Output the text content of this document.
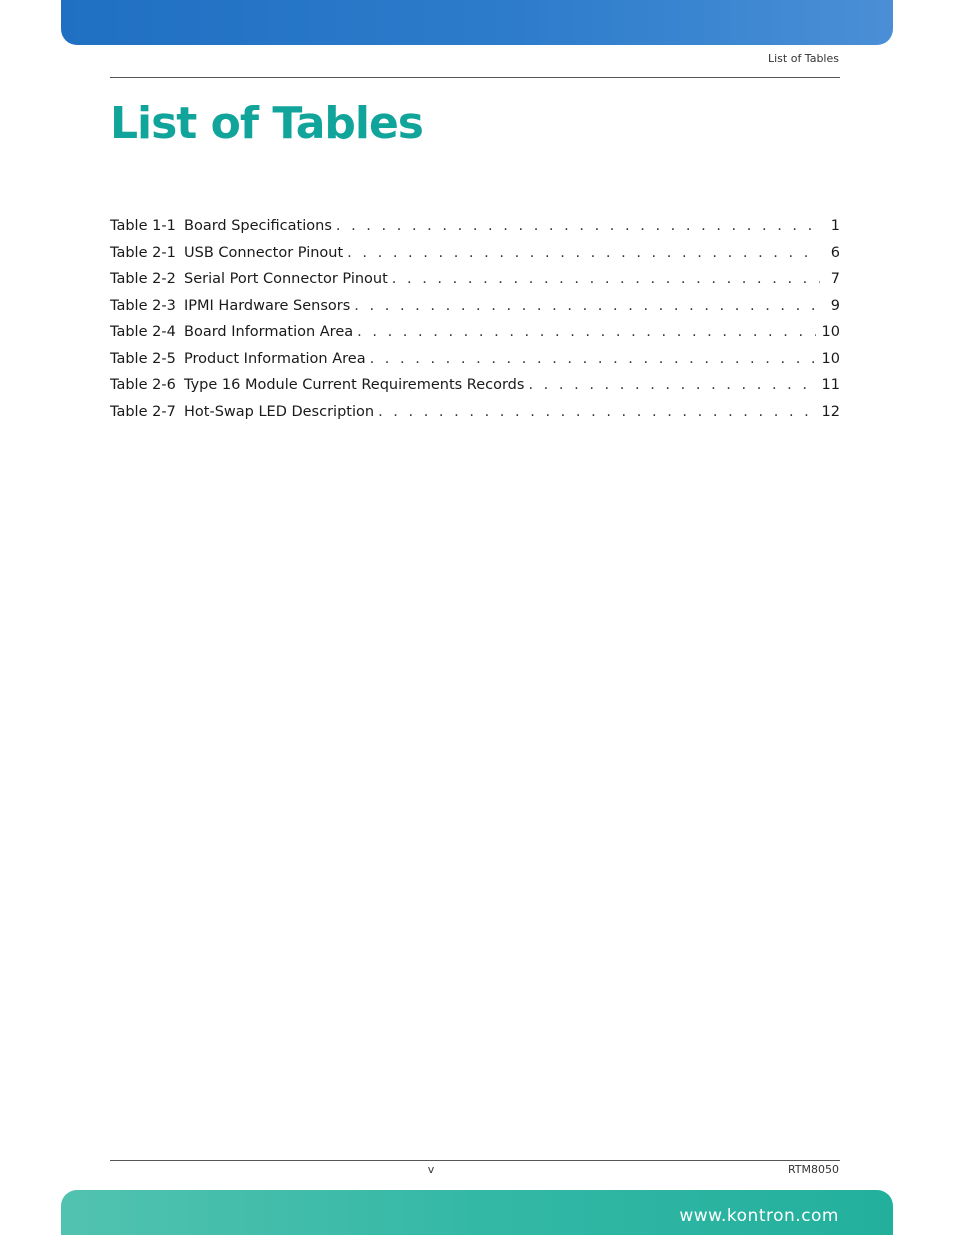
List of Tables
List of Tables
Table 1-1 Board Specifications . . .	1
Table 2-1 USB Connector Pinout . . .	6
Table 2-2 Serial Port Connector Pinout . . .	7
Table 2-3 IPMI Hardware Sensors . . .	9
Table 2-4 Board Information Area . . .	10
Table 2-5 Product Information Area . . .	10
Table 2-6 Type 16 Module Current Requirements Records . . .	11
Table 2-7 Hot-Swap LED Description . . .	12
v	RTM8050
www.kontron.com
